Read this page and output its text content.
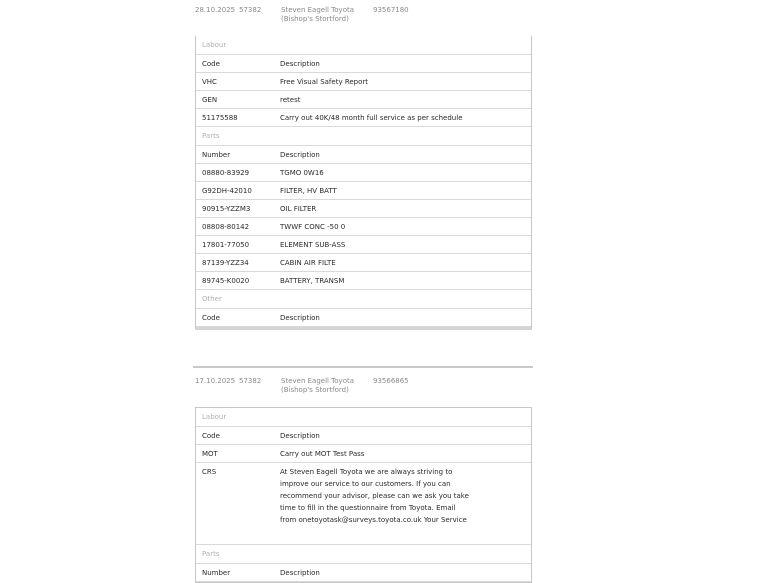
28.10.2025 57382	Steven Eagell Toyota
(Bishop's Stortford)
93567180
Labour
Code	Description
VHC	Free Visual Safety Report
GEN	retest
51175588	Carry out 40K/48 month full service as per schedule
Parts
Number	Description
08880-83929	TGMO 0W16
G92DH-42010	FILTER, HV BATT
90915-YZZM3	OIL FILTER
08808-80142	TWWF CONC -50 0
17801-77050	ELEMENT SUB-ASS
87139-YZZ34	CABIN AIR FILTE
89745-K0020	BATTERY, TRANSM
Other
Code	Description
17.10.2025 57382	Steven Eagell Toyota
(Bishop's Stortford)
93566865
Labour
Code	Description
MOT	Carry out MOT Test Pass
CRS	At Steven Eagell Toyota we are always striving to improve our service to our customers. If you can recommend your advisor, please can we ask you take time to fill in the questionnaire from Toyota. Email from onetoyotask@surveys.toyota.co.uk Your Service
Parts
Number	Description
